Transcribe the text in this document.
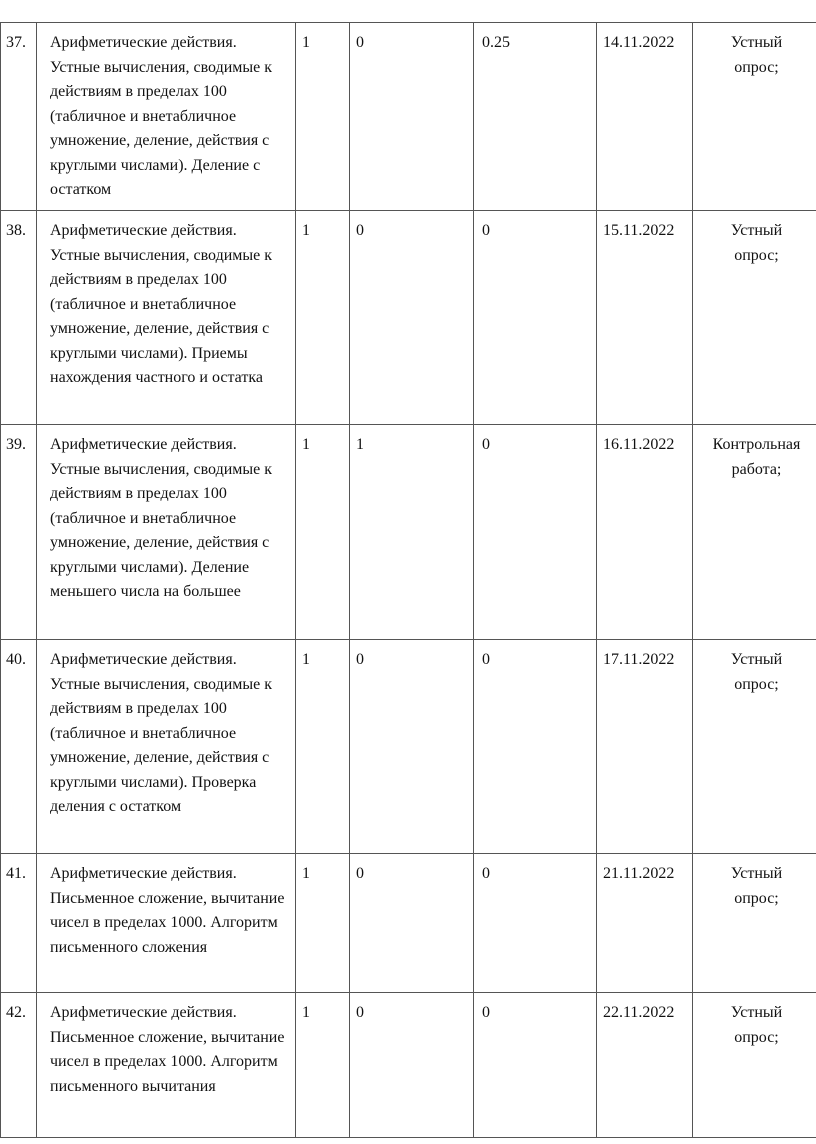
37.	Арифметические действия. Устные вычисления, сводимые к действиям в пределах 100 (табличное и внетабличное умножение, деление, действия с круглыми числами). Деление с остатком	1	0	0.25	14.11.2022	Устный
опрос;

38.	Арифметические действия. Устные вычисления, сводимые к действиям в пределах 100 (табличное и внетабличное умножение, деление, действия с круглыми числами). Приемы нахождения частного и остатка	1	0	0	15.11.2022	Устный
опрос;

39.	Арифметические действия. Устные вычисления, сводимые к действиям в пределах 100 (табличное и внетабличное умножение, деление, действия с круглыми числами). Деление меньшего числа на большее	1	1	0	16.11.2022	Контрольная
работа;

40.	Арифметические действия. Устные вычисления, сводимые к действиям в пределах 100 (табличное и внетабличное умножение, деление, действия с круглыми числами). Проверка деления с остатком	1	0	0	17.11.2022	Устный
опрос;

41.	Арифметические действия. Письменное сложение, вычитание чисел в пределах 1000. Алгоритм письменного сложения	1	0	0	21.11.2022	Устный
опрос;

42.	Арифметические действия. Письменное сложение, вычитание чисел в пределах 1000. Алгоритм письменного вычитания	1	0	0	22.11.2022	Устный
опрос;
